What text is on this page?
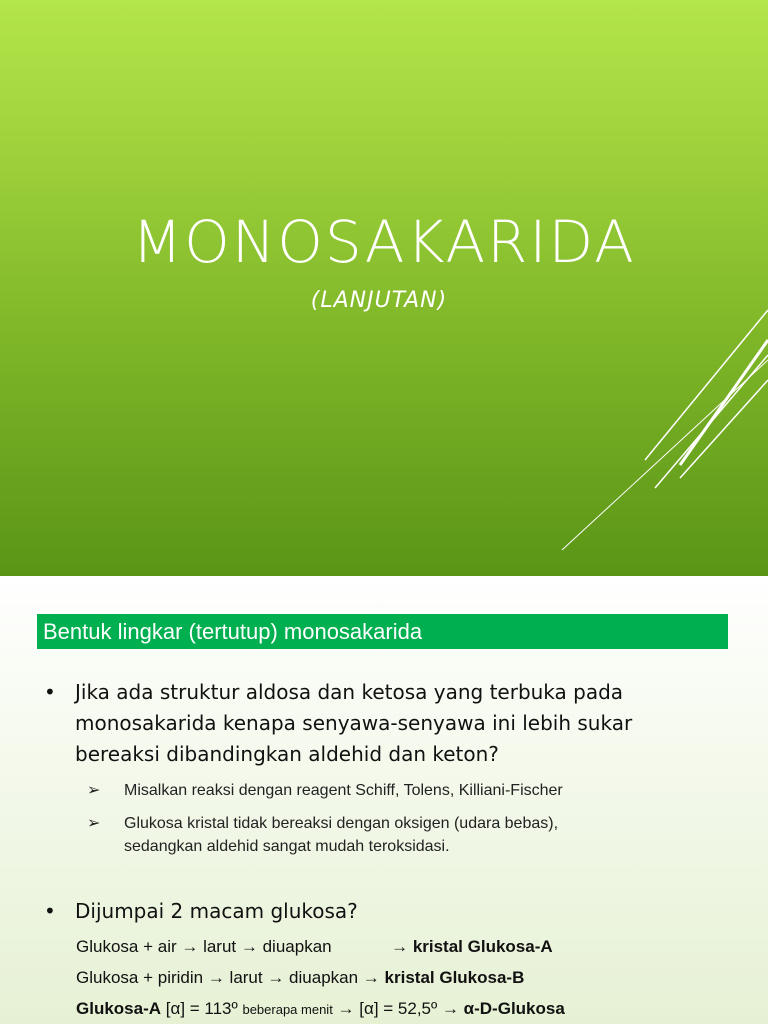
MONOSAKARIDA
(LANJUTAN)
Bentuk lingkar (tertutup) monosakarida
• Jika ada struktur aldosa dan ketosa yang terbuka pada
monosakarida kenapa senyawa-senyawa ini lebih sukar
bereaksi dibandingkan aldehid dan keton?
➢ Misalkan reaksi dengan reagent Schiff, Tolens, Killiani-Fischer
➢ Glukosa kristal tidak bereaksi dengan oksigen (udara bebas),
sedangkan aldehid sangat mudah teroksidasi.
• Dijumpai 2 macam glukosa?
Glukosa + air → larut → diuapkan	→ kristal Glukosa-A
Glukosa + piridin → larut → diuapkan → kristal Glukosa-B
Glukosa-A [α] = 113º beberapa menit → [α] = 52,5º → α-D-Glukosa
